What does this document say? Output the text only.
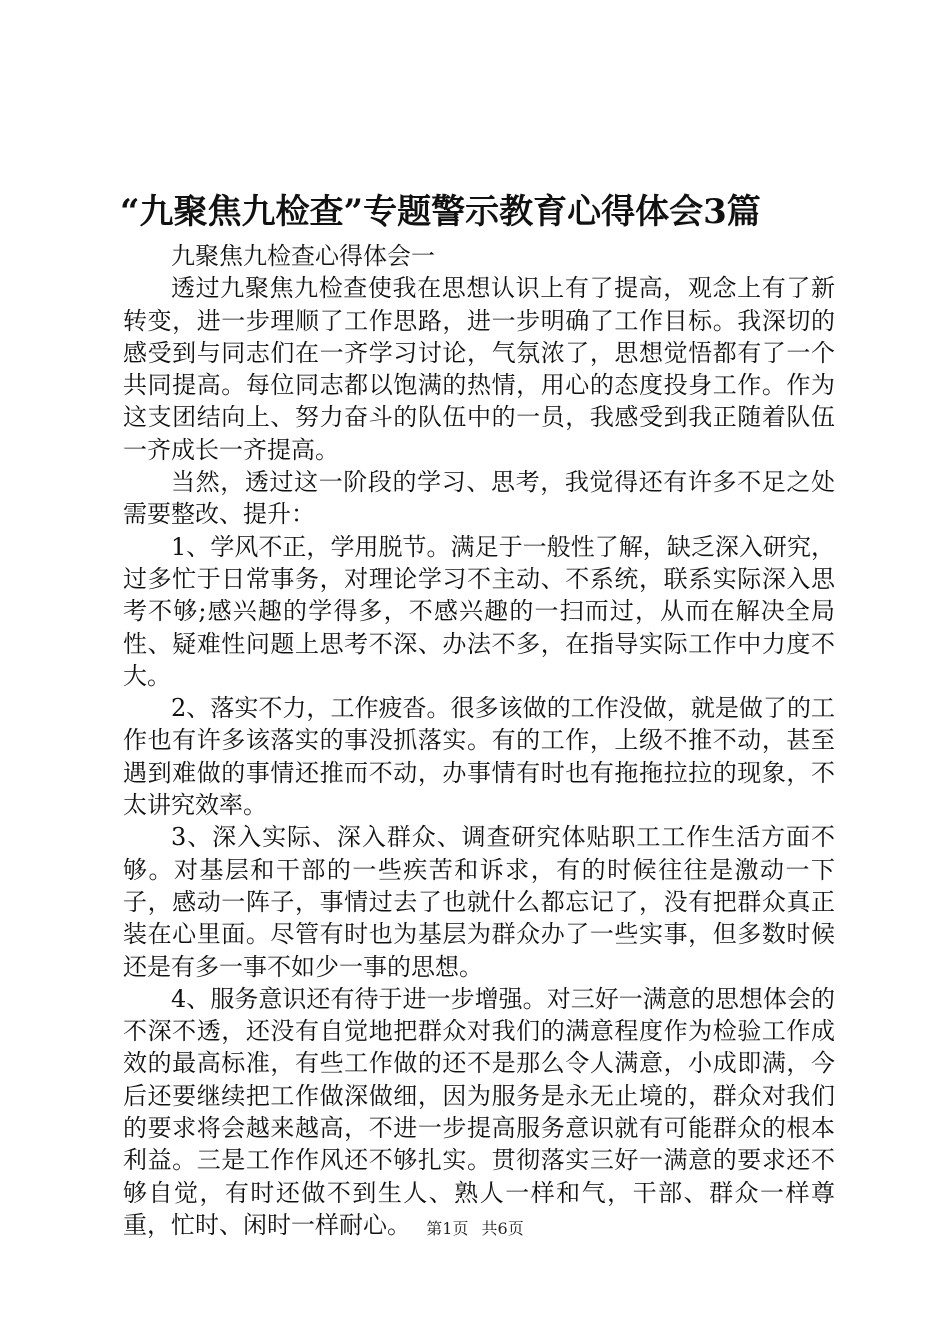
“九聚焦九检查”专题警示教育心得体会3篇

九聚焦九检查心得体会一

透过九聚焦九检查使我在思想认识上有了提高，观念上有了新转变，进一步理顺了工作思路，进一步明确了工作目标。我深切的感受到与同志们在一齐学习讨论，气氛浓了，思想觉悟都有了一个共同提高。每位同志都以饱满的热情，用心的态度投身工作。作为这支团结向上、努力奋斗的队伍中的一员，我感受到我正随着队伍一齐成长一齐提高。

当然，透过这一阶段的学习、思考，我觉得还有许多不足之处需要整改、提升：

1、学风不正，学用脱节。满足于一般性了解，缺乏深入研究，过多忙于日常事务，对理论学习不主动、不系统，联系实际深入思考不够;感兴趣的学得多，不感兴趣的一扫而过，从而在解决全局性、疑难性问题上思考不深、办法不多，在指导实际工作中力度不大。

2、落实不力，工作疲沓。很多该做的工作没做，就是做了的工作也有许多该落实的事没抓落实。有的工作，上级不推不动，甚至遇到难做的事情还推而不动，办事情有时也有拖拖拉拉的现象，不太讲究效率。

3、深入实际、深入群众、调查研究体贴职工工作生活方面不够。对基层和干部的一些疾苦和诉求，有的时候往往是激动一下子，感动一阵子，事情过去了也就什么都忘记了，没有把群众真正装在心里面。尽管有时也为基层为群众办了一些实事，但多数时候还是有多一事不如少一事的思想。

4、服务意识还有待于进一步增强。对三好一满意的思想体会的不深不透，还没有自觉地把群众对我们的满意程度作为检验工作成效的最高标准，有些工作做的还不是那么令人满意，小成即满，今后还要继续把工作做深做细，因为服务是永无止境的，群众对我们的要求将会越来越高，不进一步提高服务意识就有可能群众的根本利益。三是工作作风还不够扎实。贯彻落实三好一满意的要求还不够自觉，有时还做不到生人、熟人一样和气，干部、群众一样尊重，忙时、闲时一样耐心。 第1页 共6页
